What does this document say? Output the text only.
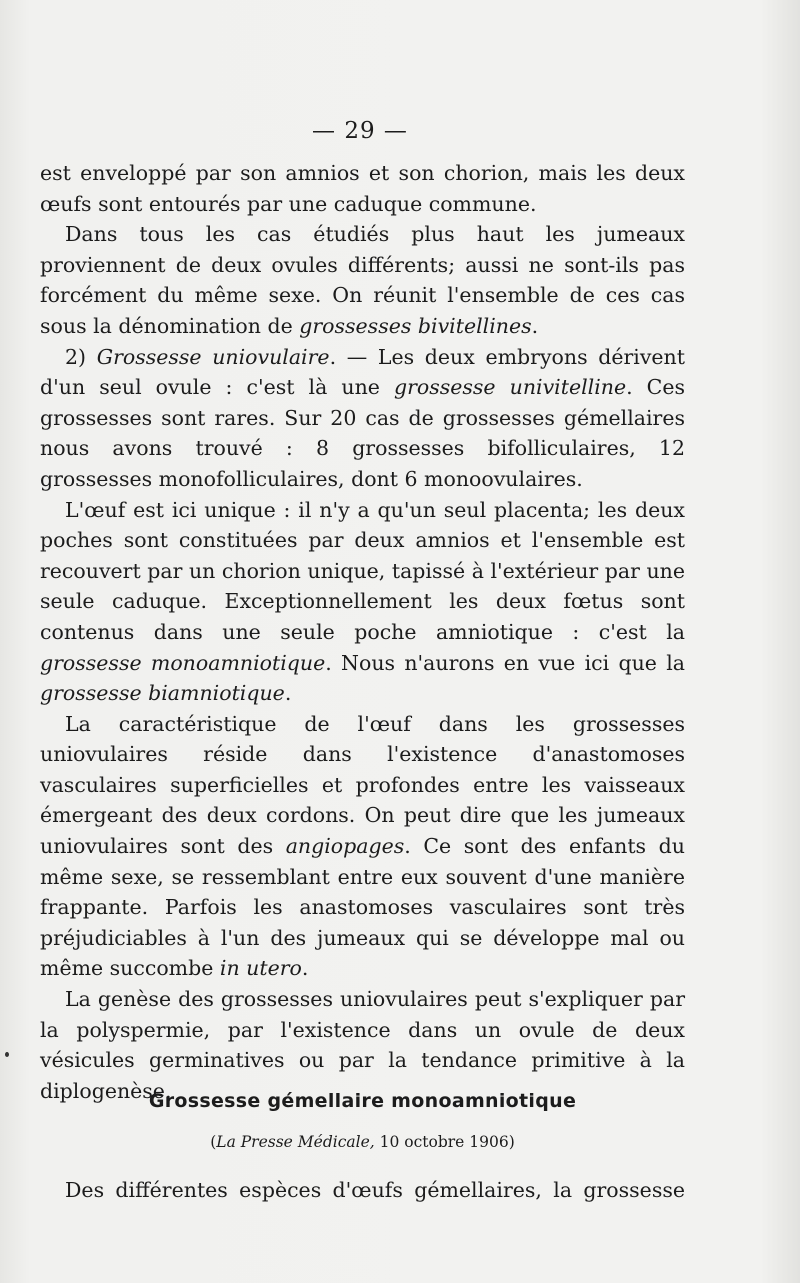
— 29 —

est enveloppé par son amnios et son chorion, mais les deux œufs sont entourés par une caduque commune.

Dans tous les cas étudiés plus haut les jumeaux proviennent de deux ovules différents; aussi ne sont-ils pas forcément du même sexe. On réunit l'ensemble de ces cas sous la dénomination de grossesses bivitellines.

2) Grossesse uniovulaire. — Les deux embryons dérivent d'un seul ovule : c'est là une grossesse univitelline. Ces grossesses sont rares. Sur 20 cas de grossesses gémellaires nous avons trouvé : 8 grossesses bifolliculaires, 12 grossesses monofolliculaires, dont 6 monoovulaires.

L'œuf est ici unique : il n'y a qu'un seul placenta; les deux poches sont constituées par deux amnios et l'ensemble est recouvert par un chorion unique, tapissé à l'extérieur par une seule caduque. Exceptionnellement les deux fœtus sont contenus dans une seule poche amniotique : c'est la grossesse monoamniotique. Nous n'aurons en vue ici que la grossesse biamniotique.

La caractéristique de l'œuf dans les grossesses uniovulaires réside dans l'existence d'anastomoses vasculaires superficielles et profondes entre les vaisseaux émergeant des deux cordons. On peut dire que les jumeaux uniovulaires sont des angiopages. Ce sont des enfants du même sexe, se ressemblant entre eux souvent d'une manière frappante. Parfois les anastomoses vasculaires sont très préjudiciables à l'un des jumeaux qui se développe mal ou même succombe in utero.

La genèse des grossesses uniovulaires peut s'expliquer par la polyspermie, par l'existence dans un ovule de deux vésicules germinatives ou par la tendance primitive à la diplogenèse.

Grossesse gémellaire monoamniotique
(La Presse Médicale, 10 octobre 1906)
Des différentes espèces d'œufs gémellaires, la grossesse
